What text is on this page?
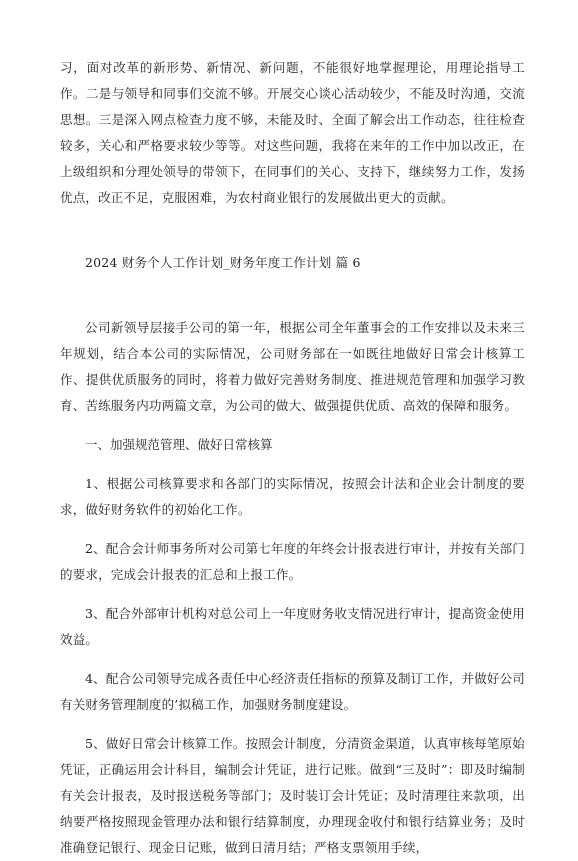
习，面对改革的新形势、新情况、新问题，不能很好地掌握理论，用理论指导工作。二是与领导和同事们交流不够。开展交心谈心活动较少，不能及时沟通，交流思想。三是深入网点检查力度不够，未能及时、全面了解会出工作动态，往往检查较多，关心和严格要求较少等等。对这些问题，我将在来年的工作中加以改正，在上级组织和分理处领导的带领下，在同事们的关心、支持下，继续努力工作，发扬优点，改正不足，克服困难，为农村商业银行的发展做出更大的贡献。

2024 财务个人工作计划_财务年度工作计划 篇 6

公司新领导层接手公司的第一年，根据公司全年董事会的工作安排以及未来三年规划，结合本公司的实际情况，公司财务部在一如既往地做好日常会计核算工作、提供优质服务的同时，将着力做好完善财务制度、推进规范管理和加强学习教育、苦练服务内功两篇文章，为公司的做大、做强提供优质、高效的保障和服务。

一、加强规范管理、做好日常核算

1、根据公司核算要求和各部门的实际情况，按照会计法和企业会计制度的要求，做好财务软件的初始化工作。

2、配合会计师事务所对公司第七年度的年终会计报表进行审计，并按有关部门的要求，完成会计报表的汇总和上报工作。

3、配合外部审计机构对总公司上一年度财务收支情况进行审计，提高资金使用效益。

4、配合公司领导完成各责任中心经济责任指标的预算及制订工作，并做好公司有关财务管理制度的’拟稿工作，加强财务制度建设。

5、做好日常会计核算工作。按照会计制度，分清资金渠道，认真审核每笔原始凭证，正确运用会计科目，编制会计凭证，进行记账。做到“三及时”：即及时编制有关会计报表，及时报送税务等部门；及时装订会计凭证；及时清理往来款项，出纳要严格按照现金管理办法和银行结算制度，办理现金收付和银行结算业务；及时准确登记银行、现金日记账，做到日清月结；严格支票领用手续，
